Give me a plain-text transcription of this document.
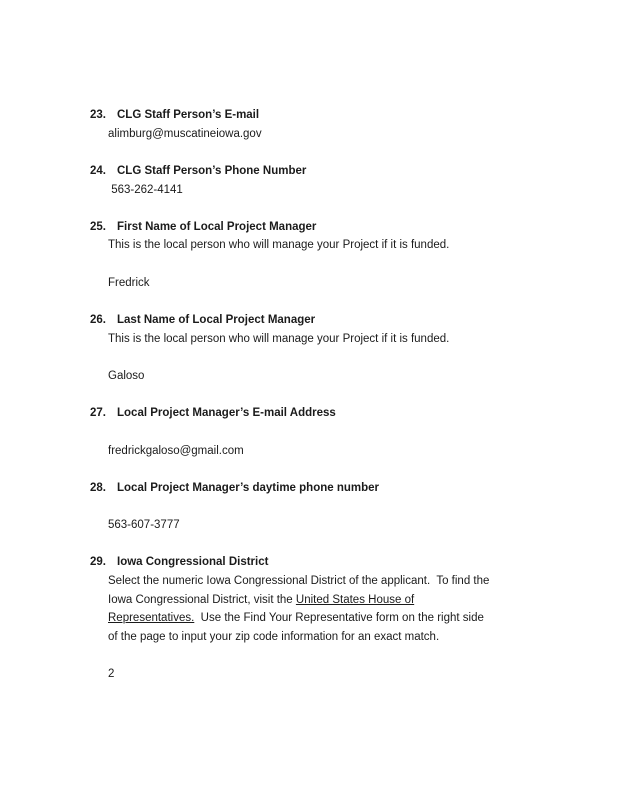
23. CLG Staff Person’s E-mail
alimburg@muscatineiowa.gov
24. CLG Staff Person’s Phone Number
563-262-4141
25. First Name of Local Project Manager
This is the local person who will manage your Project if it is funded.
Fredrick
26. Last Name of Local Project Manager
This is the local person who will manage your Project if it is funded.
Galoso
27. Local Project Manager’s E-mail Address
fredrickgaloso@gmail.com
28. Local Project Manager’s daytime phone number
563-607-3777
29. Iowa Congressional District
Select the numeric Iowa Congressional District of the applicant.  To find the
Iowa Congressional District, visit the United States House of
Representatives.  Use the Find Your Representative form on the right side
of the page to input your zip code information for an exact match.
2
